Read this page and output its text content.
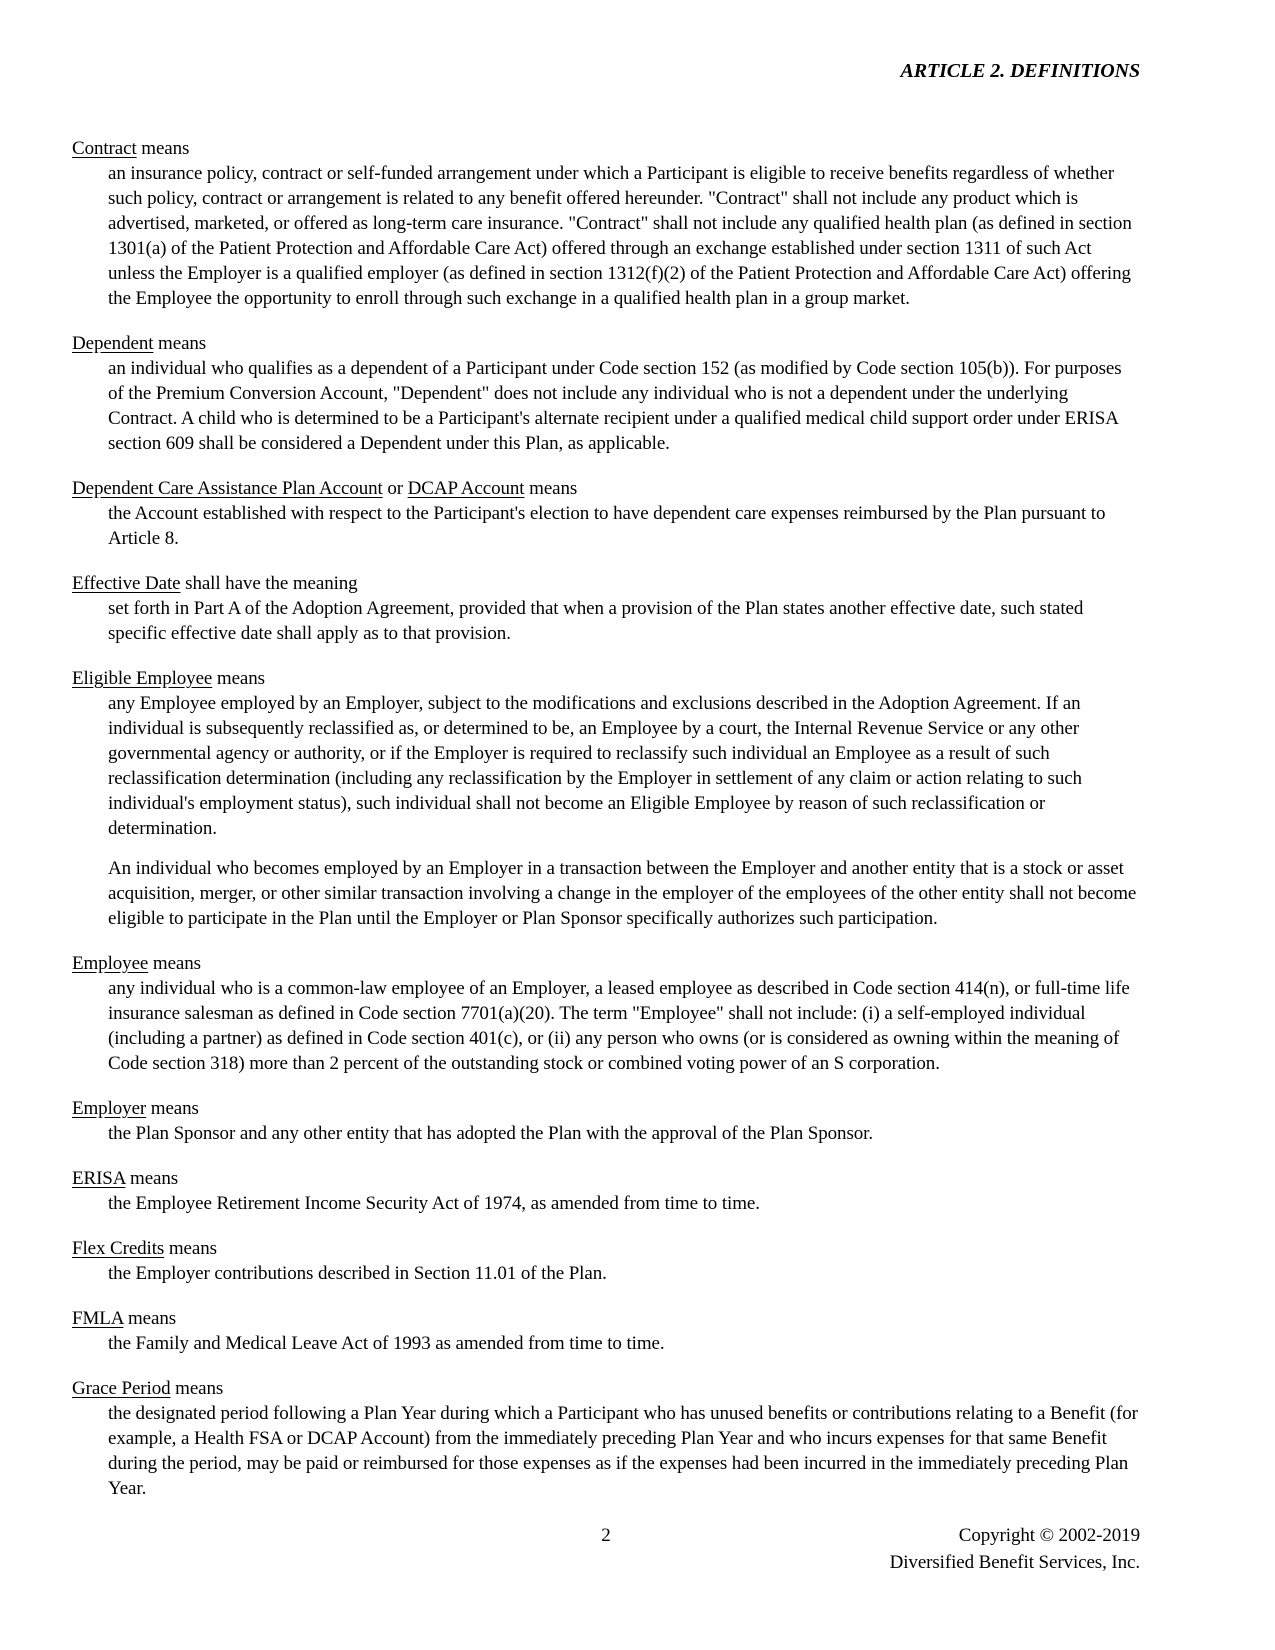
ARTICLE 2. DEFINITIONS

Contract means

an insurance policy, contract or self-funded arrangement under which a Participant is eligible to receive benefits regardless of whether such policy, contract or arrangement is related to any benefit offered hereunder. "Contract" shall not include any product which is advertised, marketed, or offered as long-term care insurance. "Contract" shall not include any qualified health plan (as defined in section 1301(a) of the Patient Protection and Affordable Care Act) offered through an exchange established under section 1311 of such Act unless the Employer is a qualified employer (as defined in section 1312(f)(2) of the Patient Protection and Affordable Care Act) offering the Employee the opportunity to enroll through such exchange in a qualified health plan in a group market.

Dependent means

an individual who qualifies as a dependent of a Participant under Code section 152 (as modified by Code section 105(b)). For purposes of the Premium Conversion Account, "Dependent" does not include any individual who is not a dependent under the underlying Contract. A child who is determined to be a Participant's alternate recipient under a qualified medical child support order under ERISA section 609 shall be considered a Dependent under this Plan, as applicable.

Dependent Care Assistance Plan Account or DCAP Account means

the Account established with respect to the Participant's election to have dependent care expenses reimbursed by the Plan pursuant to Article 8.

Effective Date shall have the meaning

set forth in Part A of the Adoption Agreement, provided that when a provision of the Plan states another effective date, such stated specific effective date shall apply as to that provision.

Eligible Employee means

any Employee employed by an Employer, subject to the modifications and exclusions described in the Adoption Agreement. If an individual is subsequently reclassified as, or determined to be, an Employee by a court, the Internal Revenue Service or any other governmental agency or authority, or if the Employer is required to reclassify such individual an Employee as a result of such reclassification determination (including any reclassification by the Employer in settlement of any claim or action relating to such individual's employment status), such individual shall not become an Eligible Employee by reason of such reclassification or determination.

An individual who becomes employed by an Employer in a transaction between the Employer and another entity that is a stock or asset acquisition, merger, or other similar transaction involving a change in the employer of the employees of the other entity shall not become eligible to participate in the Plan until the Employer or Plan Sponsor specifically authorizes such participation.

Employee means

any individual who is a common-law employee of an Employer, a leased employee as described in Code section 414(n), or full-time life insurance salesman as defined in Code section 7701(a)(20). The term "Employee" shall not include: (i) a self-employed individual (including a partner) as defined in Code section 401(c), or (ii) any person who owns (or is considered as owning within the meaning of Code section 318) more than 2 percent of the outstanding stock or combined voting power of an S corporation.

Employer means

the Plan Sponsor and any other entity that has adopted the Plan with the approval of the Plan Sponsor.

ERISA means

the Employee Retirement Income Security Act of 1974, as amended from time to time.

Flex Credits means

the Employer contributions described in Section 11.01 of the Plan.

FMLA means

the Family and Medical Leave Act of 1993 as amended from time to time.

Grace Period means

the designated period following a Plan Year during which a Participant who has unused benefits or contributions relating to a Benefit (for example, a Health FSA or DCAP Account) from the immediately preceding Plan Year and who incurs expenses for that same Benefit during the period, may be paid or reimbursed for those expenses as if the expenses had been incurred in the immediately preceding Plan Year.

2	Copyright © 2002-2019
Diversified Benefit Services, Inc.
